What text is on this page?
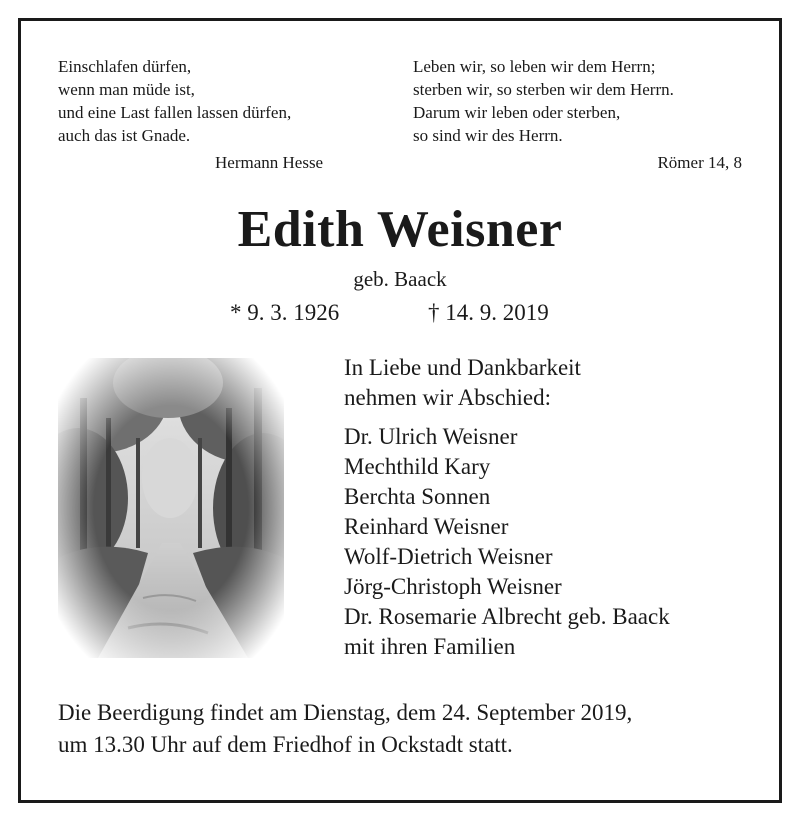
Einschlafen dürfen,
wenn man müde ist,
und eine Last fallen lassen dürfen,
auch das ist Gnade.
Hermann Hesse
Leben wir, so leben wir dem Herrn;
sterben wir, so sterben wir dem Herrn.
Darum wir leben oder sterben,
so sind wir des Herrn.
Römer 14, 8
Edith Weisner
geb. Baack
* 9. 3. 1926	† 14. 9. 2019
In Liebe und Dankbarkeit
nehmen wir Abschied:
Dr. Ulrich Weisner
Mechthild Kary
Berchta Sonnen
Reinhard Weisner
Wolf-Dietrich Weisner
Jörg-Christoph Weisner
Dr. Rosemarie Albrecht geb. Baack
mit ihren Familien
Die Beerdigung findet am Dienstag, dem 24. September 2019,
um 13.30 Uhr auf dem Friedhof in Ockstadt statt.
